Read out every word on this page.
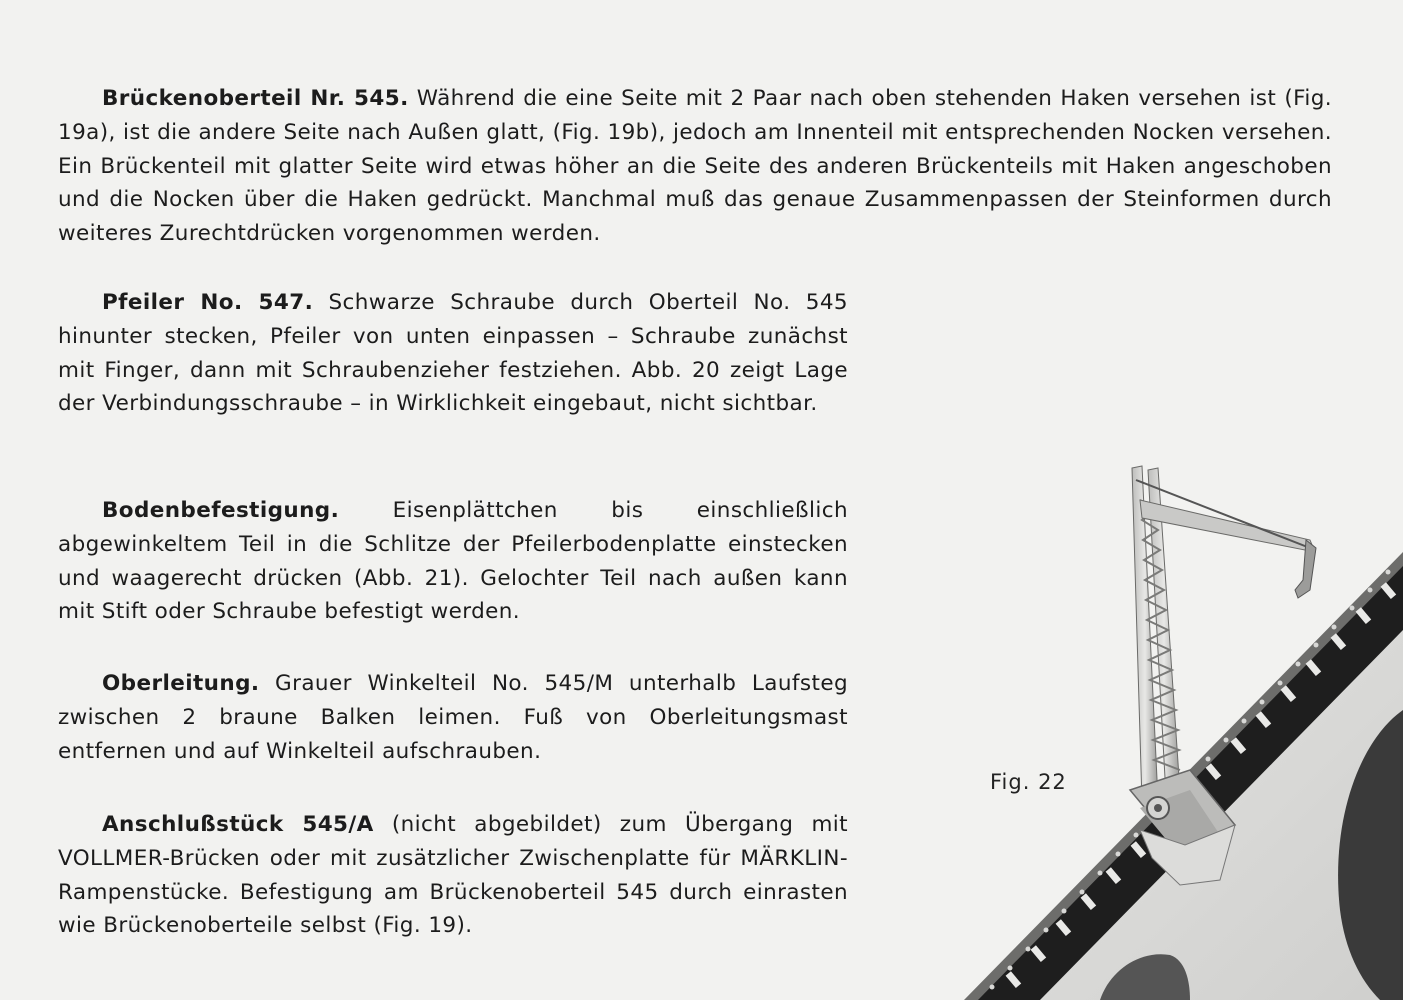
Brückenoberteil Nr. 545. Während die eine Seite mit 2 Paar nach oben stehenden Haken versehen ist (Fig. 19a), ist die andere Seite nach Außen glatt, (Fig. 19b), jedoch am Innenteil mit entsprechenden Nocken versehen. Ein Brückenteil mit glatter Seite wird etwas höher an die Seite des anderen Brückenteils mit Haken angeschoben und die Nocken über die Haken gedrückt. Manchmal muß das genaue Zusammenpassen der Steinformen durch weiteres Zurechtdrücken vorgenommen werden.

Pfeiler No. 547. Schwarze Schraube durch Oberteil No. 545 hinunter stecken, Pfeiler von unten einpassen – Schraube zunächst mit Finger, dann mit Schraubenzieher festziehen. Abb. 20 zeigt Lage der Verbindungsschraube – in Wirklichkeit eingebaut, nicht sichtbar.

Bodenbefestigung. Eisenplättchen bis einschließlich abgewinkeltem Teil in die Schlitze der Pfeilerbodenplatte einstecken und waagerecht drücken (Abb. 21). Gelochter Teil nach außen kann mit Stift oder Schraube befestigt werden.

Oberleitung. Grauer Winkelteil No. 545/M unterhalb Laufsteg zwischen 2 braune Balken leimen. Fuß von Oberleitungsmast entfernen und auf Winkelteil aufschrauben.

Anschlußstück 545/A (nicht abgebildet) zum Übergang mit VOLLMER-Brücken oder mit zusätzlicher Zwischenplatte für MÄRKLIN-Rampenstücke. Befestigung am Brückenoberteil 545 durch einrasten wie Brückenoberteile selbst (Fig. 19).

Fig. 22
